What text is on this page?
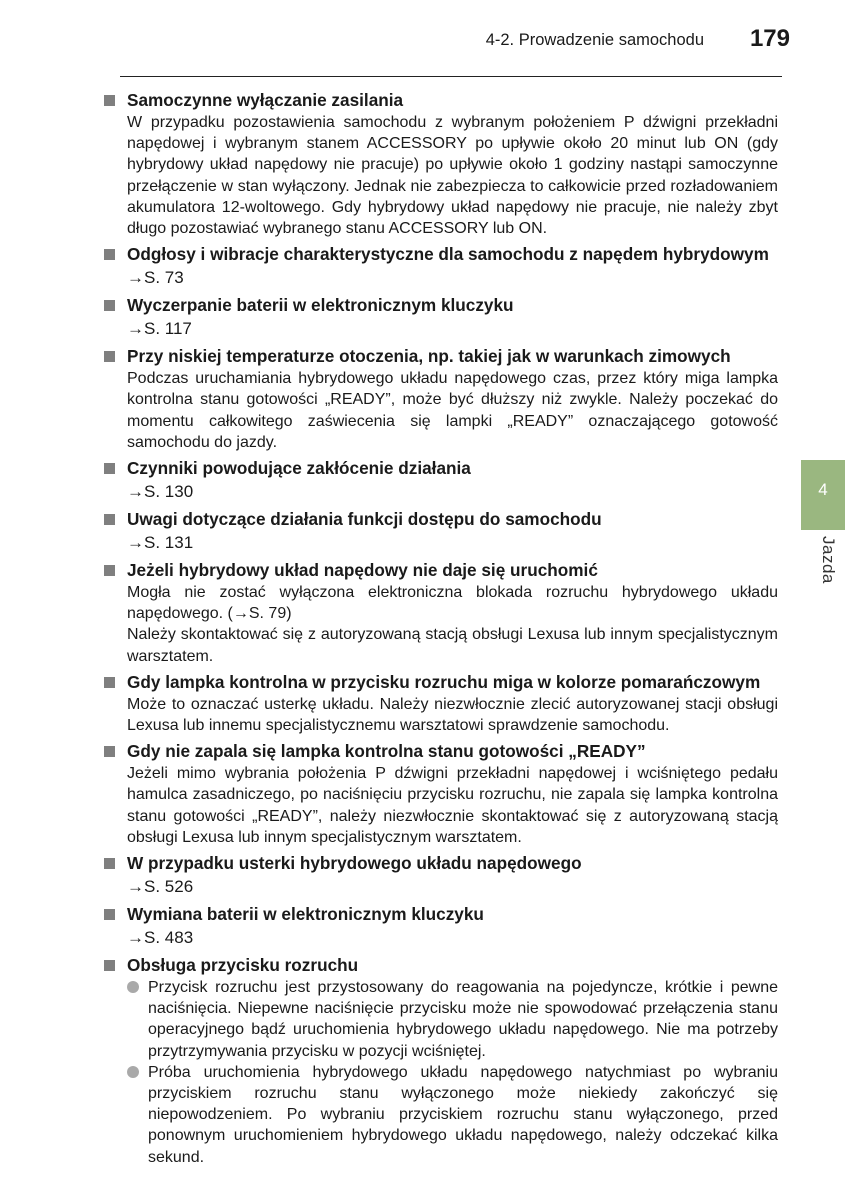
4-2. Prowadzenie samochodu 179
4
Jazda
Samoczynne wyłączanie zasilania
W przypadku pozostawienia samochodu z wybranym położeniem P dźwigni przekładni napędowej i wybranym stanem ACCESSORY po upływie około 20 minut lub ON (gdy hybrydowy układ napędowy nie pracuje) po upływie około 1 godziny nastąpi samoczynne przełączenie w stan wyłączony. Jednak nie zabezpiecza to całkowicie przed rozładowaniem akumulatora 12-woltowego. Gdy hybrydowy układ napędowy nie pracuje, nie należy zbyt długo pozostawiać wybranego stanu ACCESSORY lub ON.
Odgłosy i wibracje charakterystyczne dla samochodu z napędem hybrydowym
→S. 73
Wyczerpanie baterii w elektronicznym kluczyku
→S. 117
Przy niskiej temperaturze otoczenia, np. takiej jak w warunkach zimowych
Podczas uruchamiania hybrydowego układu napędowego czas, przez który miga lampka kontrolna stanu gotowości „READY”, może być dłuższy niż zwykle. Należy poczekać do momentu całkowitego zaświecenia się lampki „READY” oznaczającego gotowość samochodu do jazdy.
Czynniki powodujące zakłócenie działania
→S. 130
Uwagi dotyczące działania funkcji dostępu do samochodu
→S. 131
Jeżeli hybrydowy układ napędowy nie daje się uruchomić
Mogła nie zostać wyłączona elektroniczna blokada rozruchu hybrydowego układu napędowego. (→S. 79)
Należy skontaktować się z autoryzowaną stacją obsługi Lexusa lub innym specjalistycznym warsztatem.
Gdy lampka kontrolna w przycisku rozruchu miga w kolorze pomarańczowym
Może to oznaczać usterkę układu. Należy niezwłocznie zlecić autoryzowanej stacji obsługi Lexusa lub innemu specjalistycznemu warsztatowi sprawdzenie samochodu.
Gdy nie zapala się lampka kontrolna stanu gotowości „READY”
Jeżeli mimo wybrania położenia P dźwigni przekładni napędowej i wciśniętego pedału hamulca zasadniczego, po naciśnięciu przycisku rozruchu, nie zapala się lampka kontrolna stanu gotowości „READY”, należy niezwłocznie skontaktować się z autoryzowaną stacją obsługi Lexusa lub innym specjalistycznym warsztatem.
W przypadku usterki hybrydowego układu napędowego
→S. 526
Wymiana baterii w elektronicznym kluczyku
→S. 483
Obsługa przycisku rozruchu
Przycisk rozruchu jest przystosowany do reagowania na pojedyncze, krótkie i pewne naciśnięcia. Niepewne naciśnięcie przycisku może nie spowodować przełączenia stanu operacyjnego bądź uruchomienia hybrydowego układu napędowego. Nie ma potrzeby przytrzymywania przycisku w pozycji wciśniętej.
Próba uruchomienia hybrydowego układu napędowego natychmiast po wybraniu przyciskiem rozruchu stanu wyłączonego może niekiedy zakończyć się niepowodzeniem. Po wybraniu przyciskiem rozruchu stanu wyłączonego, przed ponownym uruchomieniem hybrydowego układu napędowego, należy odczekać kilka sekund.
